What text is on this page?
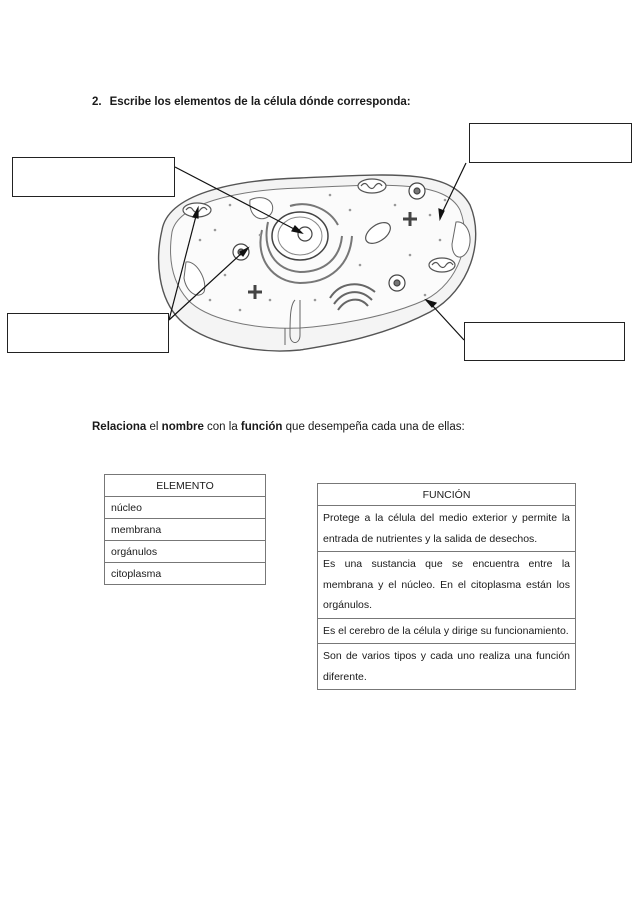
2. Escribe los elementos de la célula dónde corresponda:
Relaciona el nombre con la función que desempeña cada una de ellas:
ELEMENTO
núcleo
membrana
orgánulos
citoplasma
FUNCIÓN
Protege a la célula del medio exterior y permite la entrada de nutrientes y la salida de desechos.
Es una sustancia que se encuentra entre la membrana y el núcleo. En el citoplasma están los orgánulos.
Es el cerebro de la célula y dirige su funcionamiento.
Son de varios tipos y cada uno realiza una función diferente.
